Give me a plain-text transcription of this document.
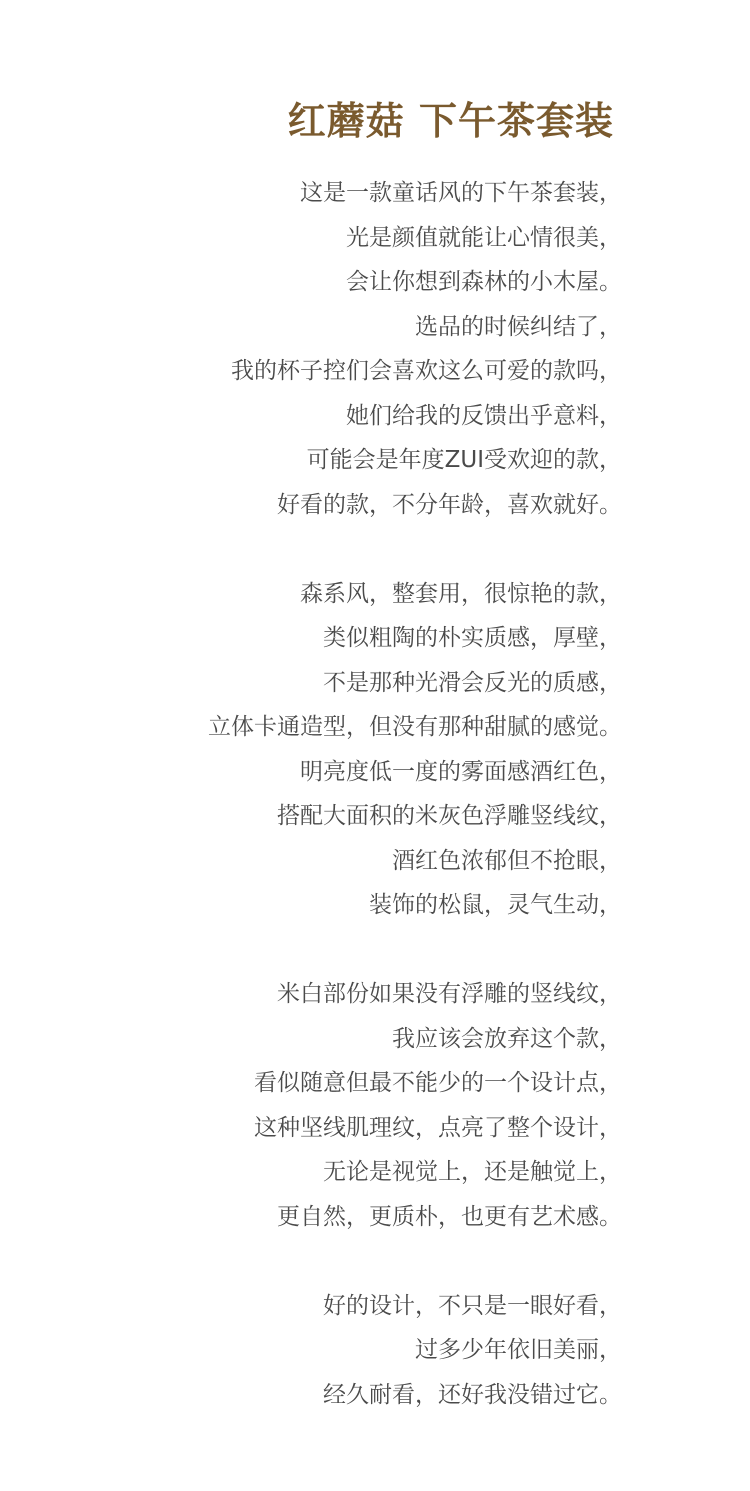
红蘑菇 下午茶套装

这是一款童话风的下午茶套装，
光是颜值就能让心情很美，
会让你想到森林的小木屋。
选品的时候纠结了，
我的杯子控们会喜欢这么可爱的款吗，
她们给我的反馈出乎意料，
可能会是年度ZUI受欢迎的款，
好看的款，不分年龄，喜欢就好。

森系风，整套用，很惊艳的款，
类似粗陶的朴实质感，厚壁，
不是那种光滑会反光的质感，
立体卡通造型，但没有那种甜腻的感觉。
明亮度低一度的雾面感酒红色，
搭配大面积的米灰色浮雕竖线纹，
酒红色浓郁但不抢眼，
装饰的松鼠，灵气生动，

米白部份如果没有浮雕的竖线纹，
我应该会放弃这个款，
看似随意但最不能少的一个设计点，
这种坚线肌理纹，点亮了整个设计，
无论是视觉上，还是触觉上，
更自然，更质朴，也更有艺术感。

好的设计，不只是一眼好看，
过多少年依旧美丽，
经久耐看，还好我没错过它。
